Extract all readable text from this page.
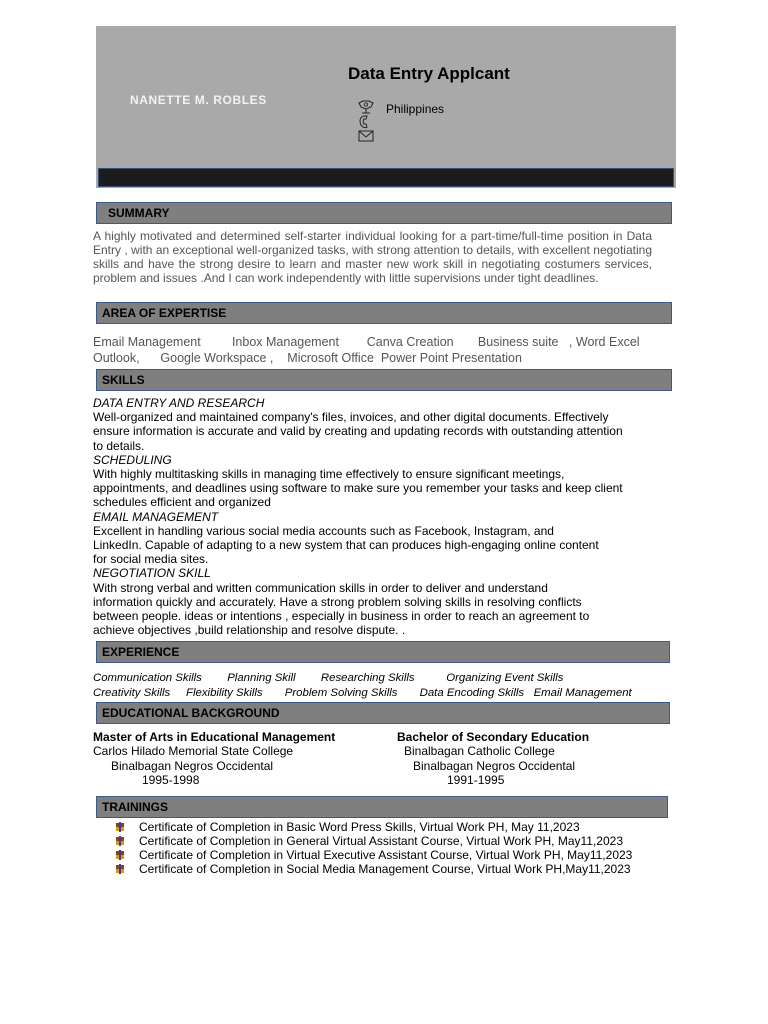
NANETTE M. ROBLES
Data Entry Applcant
Philippines
SUMMARY
A highly motivated and determined self-starter individual looking for a part-time/full-time position in Data Entry , with an exceptional well-organized tasks, with strong attention to details, with excellent negotiating skills and have the strong desire to learn and master new work skill in negotiating costumers services, problem and issues .And I can work independently with little supervisions under tight deadlines.
AREA OF EXPERTISE
Email Management         Inbox Management        Canva Creation       Business suite   , Word Excel
Outlook,      Google Workspace ,    Microsoft Office  Power Point Presentation
SKILLS
DATA ENTRY AND RESEARCH
Well-organized and maintained company's files, invoices, and other digital documents. Effectively
ensure information is accurate and valid by creating and updating records with outstanding attention
to details.
SCHEDULING
With highly multitasking skills in managing time effectively to ensure significant meetings,
appointments, and deadlines using software to make sure you remember your tasks and keep client
schedules efficient and organized
EMAIL MANAGEMENT
Excellent in handling various social media accounts such as Facebook, Instagram, and
LinkedIn. Capable of adapting to a new system that can produces high-engaging online content
for social media sites.
NEGOTIATION SKILL
With strong verbal and written communication skills in order to deliver and understand
information quickly and accurately. Have a strong problem solving skills in resolving conflicts
between people. ideas or intentions , especially in business in order to reach an agreement to
achieve objectives ,build relationship and resolve dispute. .
EXPERIENCE
Communication Skills        Planning Skill        Researching Skills          Organizing Event Skills
Creativity Skills     Flexibility Skills       Problem Solving Skills       Data Encoding Skills   Email Management
EDUCATIONAL BACKGROUND
Master of Arts in Educational Management
Carlos Hilado Memorial State College
Binalbagan Negros Occidental
1995-1998
Bachelor of Secondary Education
Binalbagan Catholic College
Binalbagan Negros Occidental
1991-1995
TRAININGS
Certificate of Completion in Basic Word Press Skills, Virtual Work PH, May 11,2023
Certificate of Completion in General Virtual Assistant Course, Virtual Work PH, May11,2023
Certificate of Completion in Virtual Executive Assistant Course, Virtual Work PH, May11,2023
Certificate of Completion in Social Media Management Course, Virtual Work PH,May11,2023
